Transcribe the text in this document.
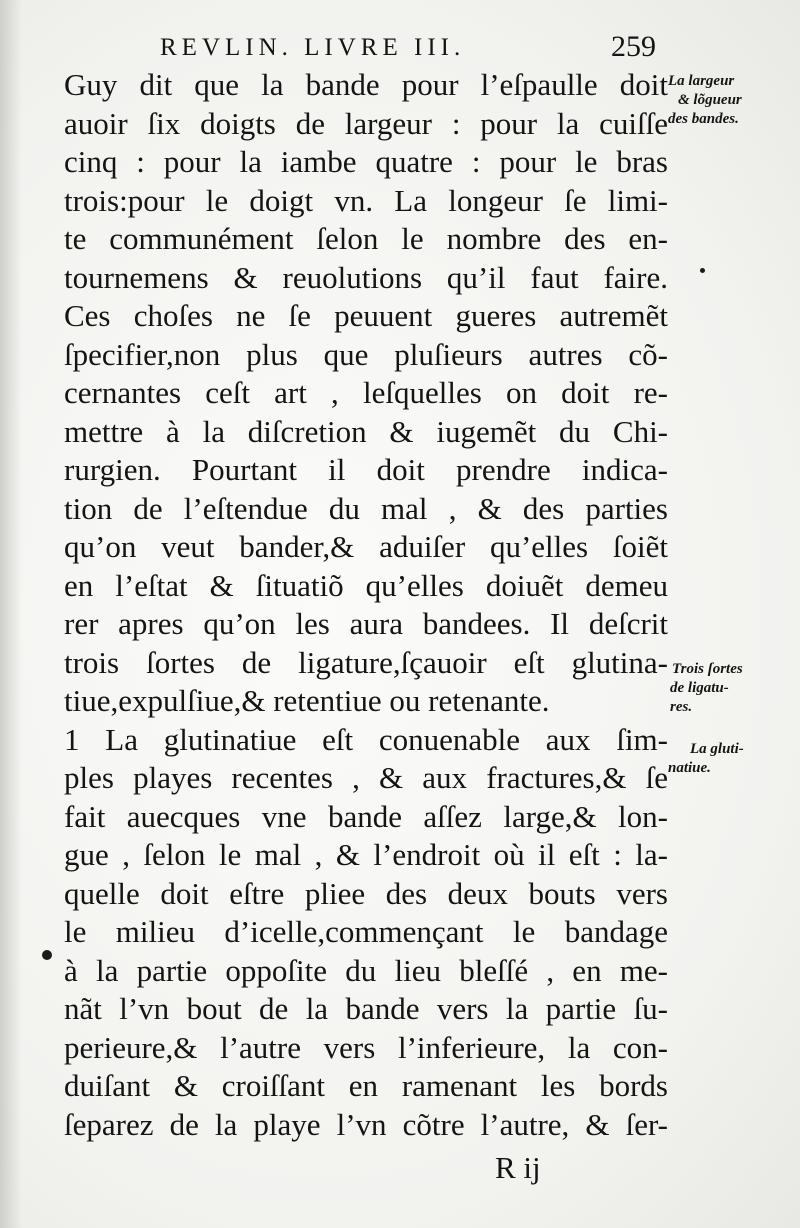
REVLIN. LIVRE III.	259
Guy dit que la bande pour l’eſpaulle doit
auoir ſix doigts de largeur : pour la cuiſſe
cinq : pour la iambe quatre : pour le bras
trois:pour le doigt vn. La longeur ſe limi-
te communément ſelon le nombre des en-
tournemens & reuolutions qu’il faut faire.
Ces choſes ne ſe peuuent gueres autremẽt
ſpecifier,non plus que pluſieurs autres cõ-
cernantes ceſt art , leſquelles on doit re-
mettre à la diſcretion & iugemẽt du Chi-
rurgien. Pourtant il doit prendre indica-
tion de l’eſtendue du mal , & des parties
qu’on veut bander,& aduiſer qu’elles ſoiẽt
en l’eſtat & ſituatiõ qu’elles doiuẽt demeu
rer apres qu’on les aura bandees. Il deſcrit
trois ſortes de ligature,ſçauoir eſt glutina-
tiue,expulſiue,& retentiue ou retenante.
1 La glutinatiue eſt conuenable aux ſim-
ples playes recentes , & aux fractures,& ſe
fait auecques vne bande aſſez large,& lon-
gue , ſelon le mal , & l’endroit où il eſt : la-
quelle doit eſtre pliee des deux bouts vers
le milieu d’icelle,commençant le bandage
à la partie oppoſite du lieu bleſſé , en me-
nãt l’vn bout de la bande vers la partie ſu-
perieure,& l’autre vers l’inferieure, la con-
duiſant & croiſſant en ramenant les bords
ſeparez de la playe l’vn cõtre l’autre, & ſer-
La largeur
& lõgueur
des bandes.
Trois ſortes
de ligatu-
res.
La gluti-
natiue.
R ij
